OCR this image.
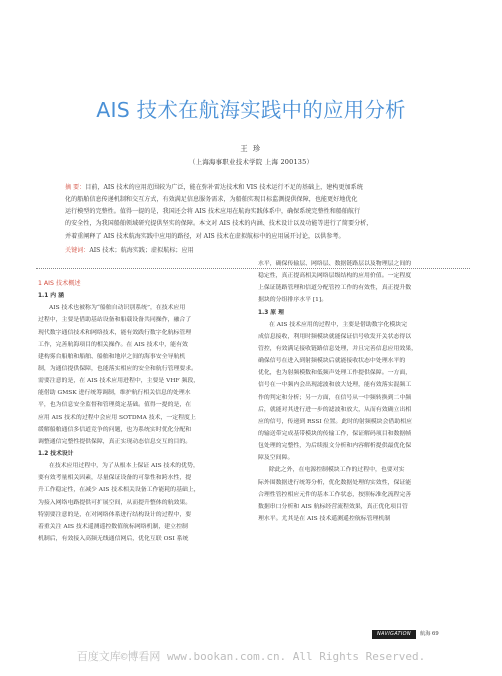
AIS 技术在航海实践中的应用分析
王 珍
（上海海事职业技术学院 上海 200135）
摘 要：目前，AIS 技术的应用范围较为广泛，能在弥补雷达技术和 VIS 技术运行不足的基础上，建构更加系统
化的船舶信息传递机制和交互方式，有效满足信息服务需求，为船舶实现目标监测提供保障，也能更好地优化
运行模型的完整性。值得一提的是，我国还会将 AIS 技术应用在航海实践体系中，确保系统完整性和船舶航行
的安全性，为我国船舶领域研究提供坚实的保障。本文对 AIS 技术的内涵、技术设计以及功能等进行了简要分析，
并着重阐释了 AIS 技术航海实践中应用的路径，对 AIS 技术在虚拟航标中的应用展开讨论，以供参考。
关键词：AIS 技术；航海实践；虚拟航标；应用
1 AIS 技术概述
1.1 内 涵
AIS 技术也被称为“船舶自动识别系统”，在技术应用
过程中，主要是借助基站设备和船载设备共同操作，融合了
现代数字通信技术和网络技术，能有效践行数字化航标管理
工作，完善航海项目的相关操作。在 AIS 技术中，能有效
建构雾台船舶和船舶、船舶和地岸之间的海事安全导航机
制，为通信提供保障，也能落实相应的安全和航行管理要求。
需要注意的是，在 AIS 技术应用进程中，主要是 VHF 频段，
能借助 GMSK 进行统筹调制，维护航行相关信息的处理水
平，也为信息安全监督和管理奠定基础。值得一提的是，在
应用 AIS 技术的过程中会应用 SOTDMA 技术，一定程度上
缓解船舶通信多信道竞争的问题，也为系统实时优化分配和
调整通信完整性提供保障，真正实现动态信息交互的目的。
1.2 技术设计
在技术应用过程中，为了从根本上保证 AIS 技术的优势，
要有效考量相关因素，尽量保证设备的可靠性和跨水性，提
升工作稳定性，在减少 AIS 技术相关设备工作能耗的基础上，
为接入网络电路提供可扩展空间，从而提升整体的航效果。
特别要注意的是，在对网络体系进行结构设计的过程中，要
着重关注 AIS 技术遥测遥控数值航标网络机制，建立控制
机制后，有效接入高频无线通信网后，优化互联 OSI 系统
水平，确保传输层、网络层、数据链路层以及物理层之间的
稳定性，真正提高相关网络层级结构的应用价值。一定程度
上保证链路管理和信道分配管控工作的有效性，真正提升数
据块的分组排序水平 [1]。
1.3 原 理
在 AIS 技术应用的过程中，主要是借助数字化模块完
成信息接收，利用时频模块就能保证信号收发开关状态得以
管控，有效满足接收链路信息处理，并且完善信息应用效果，
确保信号在进入到射频模块后就能接收状态中处理水平的
优化，也为射频模数和低频声处理工作提供保障。一方面，
信号在一中频内会出现滤波和放大处理，能有效落实混频工
作的判定和分析；另一方面，在信号从一中频转换到二中频
后，就能对其进行进一步的滤波和放大，从而有效确立出相
应的信号，传递到 RSSI 位置。此时的射频模块会借助相应
的输送带完成基带模块的传输工作，保证解码项目和数据帧
包处理的完整性，为后续报文分析和内容解析提供最优化保
障及空间障。
除此之外，在电源控制模块工作的过程中，也要对实
际外围数据进行统筹分析，优化数据处理的实效性，保证能
合理性管控相应元件的基本工作状态，按照标准化流程完善
数据串口分析和 AIS 航标经营流程效果，真正优化项目管
理水平。尤其是在 AIS 技术遥测遥控航标管理机制
NAVIGATION	航海 69
百度文库©博看网 www.bookan.com.cn. All Rights Reserved.
